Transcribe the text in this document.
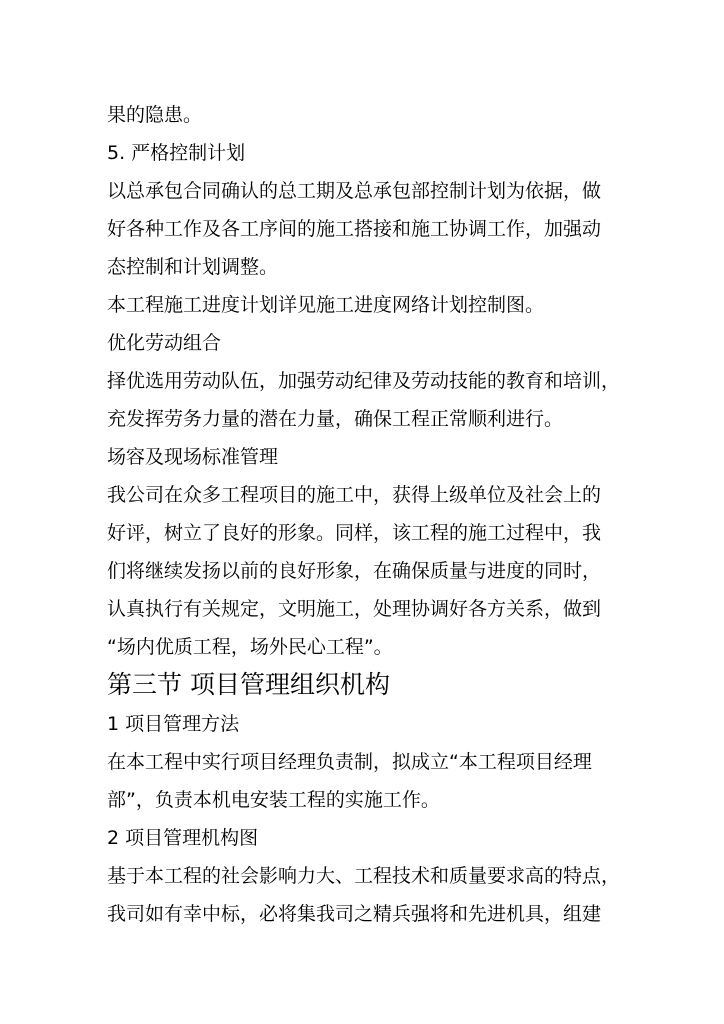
果的隐患。
5. 严格控制计划
以总承包合同确认的总工期及总承包部控制计划为依据，做
好各种工作及各工序间的施工搭接和施工协调工作，加强动
态控制和计划调整。
本工程施工进度计划详见施工进度网络计划控制图。
优化劳动组合
择优选用劳动队伍，加强劳动纪律及劳动技能的教育和培训，
充发挥劳务力量的潜在力量，确保工程正常顺利进行。
场容及现场标准管理
我公司在众多工程项目的施工中，获得上级单位及社会上的
好评，树立了良好的形象。同样，该工程的施工过程中，我
们将继续发扬以前的良好形象，在确保质量与进度的同时，
认真执行有关规定，文明施工，处理协调好各方关系，做到
“场内优质工程，场外民心工程”。
第三节 项目管理组织机构
1 项目管理方法
在本工程中实行项目经理负责制，拟成立“本工程项目经理
部”，负责本机电安装工程的实施工作。
2 项目管理机构图
基于本工程的社会影响力大、工程技术和质量要求高的特点，
我司如有幸中标，必将集我司之精兵强将和先进机具，组建
